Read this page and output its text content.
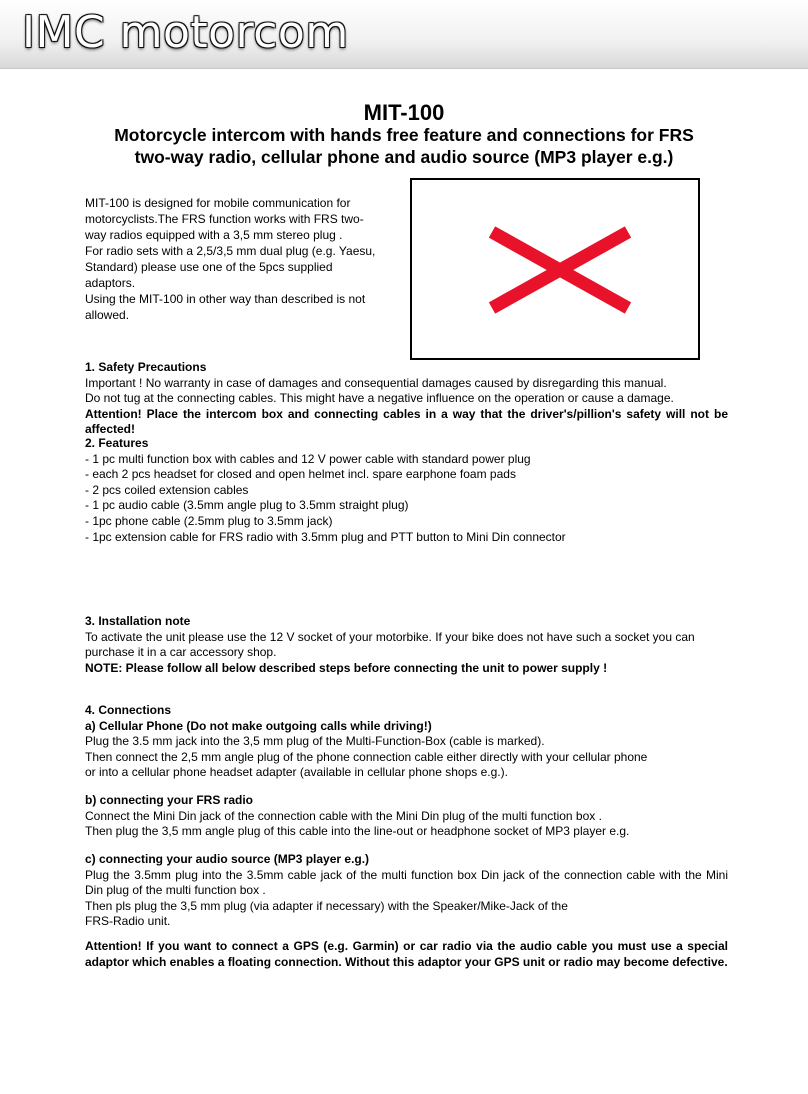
IMC motorcom
MIT-100
Motorcycle intercom with hands free feature and connections for FRS
two-way radio, cellular phone and audio source (MP3 player e.g.)

MIT-100 is designed for mobile communication for motorcyclists.The FRS function works with FRS two-way radios equipped with a 3,5 mm stereo plug .

For radio sets with a 2,5/3,5 mm dual plug (e.g. Yaesu, Standard) please use one of the 5pcs supplied adaptors.

Using the MIT-100 in other way than described is not allowed.

1. Safety Precautions

Important ! No warranty in case of damages and consequential damages caused by disregarding this manual.

Do not tug at the connecting cables. This might have a negative influence on the operation or cause a damage.

Attention! Place the intercom box and connecting cables in a way that the driver's/pillion's safety will not be affected!

2. Features

- 1 pc multi function box with cables and 12 V power cable with standard power plug

- each 2 pcs headset for closed and open helmet incl. spare earphone foam pads

- 2 pcs coiled extension cables

- 1 pc audio cable (3.5mm angle plug to 3.5mm straight plug)

- 1pc phone cable (2.5mm plug to 3.5mm jack)

- 1pc extension cable for FRS radio with 3.5mm plug and PTT button to Mini Din connector

3. Installation note

To activate the unit please use the 12 V socket of your motorbike. If your bike does not have such a socket you can purchase it in a car accessory shop.

NOTE: Please follow all below described steps before connecting the unit to power supply !

4. Connections

a) Cellular Phone (Do not make outgoing calls while driving!)

Plug the 3.5 mm jack into the 3,5 mm plug of the Multi-Function-Box (cable is marked).

Then connect the 2,5 mm angle plug of the phone connection cable either directly with your cellular phone

or into a cellular phone headset adapter (available in cellular phone shops e.g.).

b) connecting your FRS radio

Connect the Mini Din jack of the connection cable with the Mini Din plug of the multi function box .

Then plug the 3,5 mm angle plug of this cable into the line-out or headphone socket of MP3 player e.g.

c) connecting your audio source (MP3 player e.g.)

Plug the 3.5mm plug into the 3.5mm cable jack of the multi function box Din jack of the connection cable with the Mini Din plug of the multi function box .

Then pls plug the 3,5 mm plug (via adapter if necessary) with the Speaker/Mike-Jack of the

FRS-Radio unit.

Attention! If you want to connect a GPS (e.g. Garmin) or car radio via the audio cable you must use a special adaptor which enables a floating connection. Without this adaptor your GPS unit or radio may become defective.
